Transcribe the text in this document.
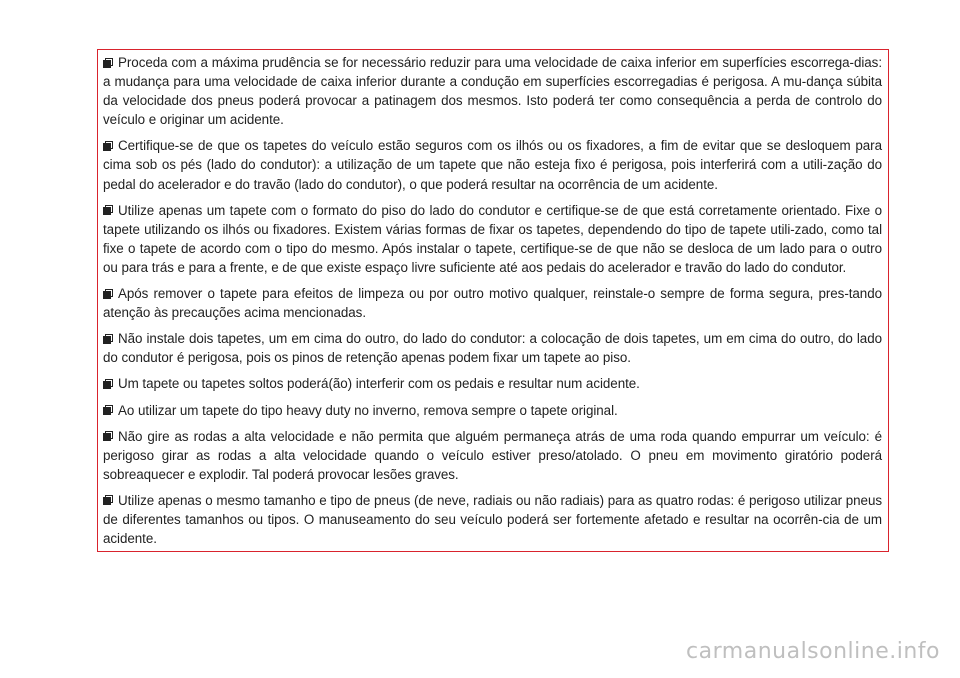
Proceda com a máxima prudência se for necessário reduzir para uma velocidade de caixa inferior em superfícies escorrega-dias: a mudança para uma velocidade de caixa inferior durante a condução em superfícies escorregadias é perigosa. A mu-dança súbita da velocidade dos pneus poderá provocar a patinagem dos mesmos. Isto poderá ter como consequência a perda de controlo do veículo e originar um acidente.

Certifique-se de que os tapetes do veículo estão seguros com os ilhós ou os fixadores, a fim de evitar que se desloquem para cima sob os pés (lado do condutor): a utilização de um tapete que não esteja fixo é perigosa, pois interferirá com a utili-zação do pedal do acelerador e do travão (lado do condutor), o que poderá resultar na ocorrência de um acidente.

Utilize apenas um tapete com o formato do piso do lado do condutor e certifique-se de que está corretamente orientado. Fixe o tapete utilizando os ilhós ou fixadores. Existem várias formas de fixar os tapetes, dependendo do tipo de tapete utili-zado, como tal fixe o tapete de acordo com o tipo do mesmo. Após instalar o tapete, certifique-se de que não se desloca de um lado para o outro ou para trás e para a frente, e de que existe espaço livre suficiente até aos pedais do acelerador e travão do lado do condutor.

Após remover o tapete para efeitos de limpeza ou por outro motivo qualquer, reinstale-o sempre de forma segura, pres-tando atenção às precauções acima mencionadas.

Não instale dois tapetes, um em cima do outro, do lado do condutor: a colocação de dois tapetes, um em cima do outro, do lado do condutor é perigosa, pois os pinos de retenção apenas podem fixar um tapete ao piso.

Um tapete ou tapetes soltos poderá(ão) interferir com os pedais e resultar num acidente.

Ao utilizar um tapete do tipo heavy duty no inverno, remova sempre o tapete original.

Não gire as rodas a alta velocidade e não permita que alguém permaneça atrás de uma roda quando empurrar um veículo: é perigoso girar as rodas a alta velocidade quando o veículo estiver preso/atolado. O pneu em movimento giratório poderá sobreaquecer e explodir. Tal poderá provocar lesões graves.

Utilize apenas o mesmo tamanho e tipo de pneus (de neve, radiais ou não radiais) para as quatro rodas: é perigoso utilizar pneus de diferentes tamanhos ou tipos. O manuseamento do seu veículo poderá ser fortemente afetado e resultar na ocorrên-cia de um acidente.

carmanualsonline.info
